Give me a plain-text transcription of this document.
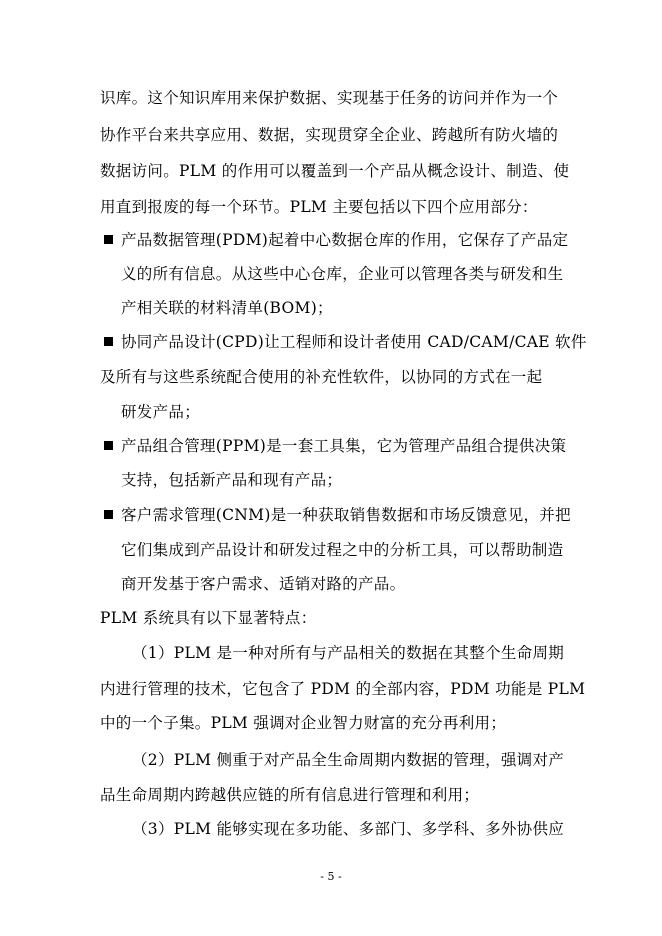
识库。这个知识库用来保护数据、实现基于任务的访问并作为一个
协作平台来共享应用、数据，实现贯穿全企业、跨越所有防火墙的
数据访问。PLM 的作用可以覆盖到一个产品从概念设计、制造、使
用直到报废的每一个环节。PLM 主要包括以下四个应用部分：
产品数据管理(PDM)起着中心数据仓库的作用，它保存了产品定
义的所有信息。从这些中心仓库，企业可以管理各类与研发和生
产相关联的材料清单(BOM)；
协同产品设计(CPD)让工程师和设计者使用 CAD/CAM/CAE 软件
及所有与这些系统配合使用的补充性软件，以协同的方式在一起
研发产品；
产品组合管理(PPM)是一套工具集，它为管理产品组合提供决策
支持，包括新产品和现有产品；
客户需求管理(CNM)是一种获取销售数据和市场反馈意见，并把
它们集成到产品设计和研发过程之中的分析工具，可以帮助制造
商开发基于客户需求、适销对路的产品。
PLM 系统具有以下显著特点：
（1）PLM 是一种对所有与产品相关的数据在其整个生命周期
内进行管理的技术，它包含了 PDM 的全部内容，PDM 功能是 PLM
中的一个子集。PLM 强调对企业智力财富的充分再利用；
（2）PLM 侧重于对产品全生命周期内数据的管理，强调对产
品生命周期内跨越供应链的所有信息进行管理和利用；
（3）PLM 能够实现在多功能、多部门、多学科、多外协供应
- 5 -
